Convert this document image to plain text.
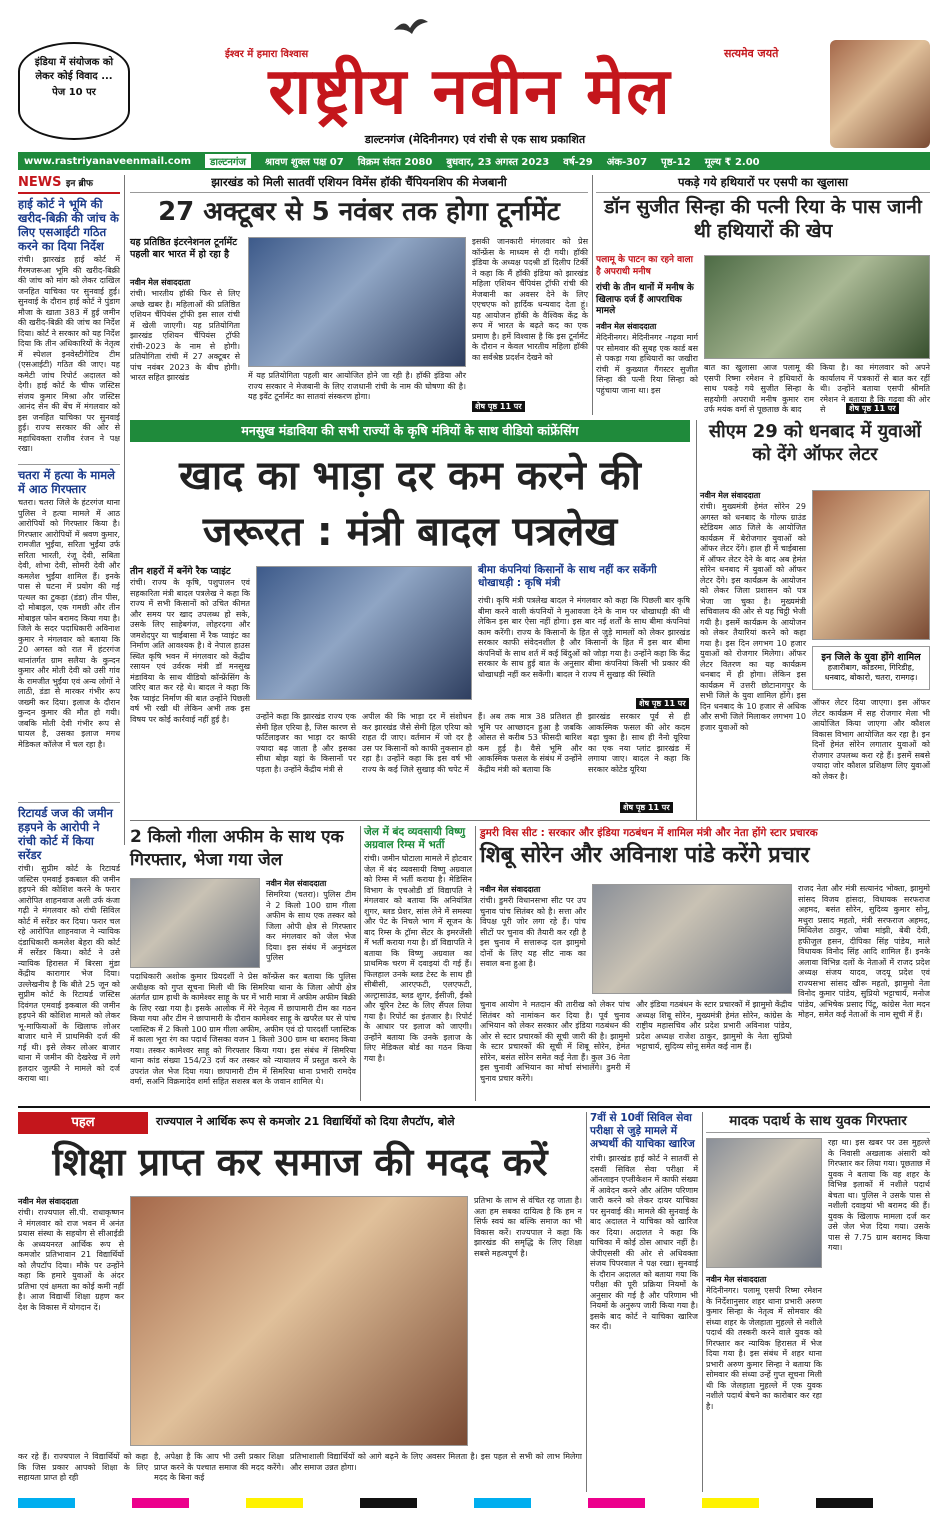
इंडिया में संयोजक को लेकर कोई विवाद ...
पेज 10 पर
ईश्वर में हमारा विश्वास	सत्यमेव जयते
राष्ट्रीय नवीन मेल
डाल्टनगंज (मेदिनीनगर) एवं रांची से एक साथ प्रकाशित
www.rastriyanaveenmail.com	डाल्टनगंज	श्रावण शुक्ल पक्ष 07 विक्रम संवत 2080 बुधवार, 23 अगस्त 2023 वर्ष-29 अंक-307 पृष्ठ-12 मूल्य ₹ 2.00
NEWS इन ब्रीफ
हाई कोर्ट ने भूमि की खरीद-बिक्री की जांच के लिए एसआईटी गठित करने का दिया निर्देश
रांची। झारखंड हाई कोर्ट में गैरमजरूआ भूमि की खरीद-बिक्री की जांच को मांग को लेकर दाखिल जनहित याचिका पर सुनवाई हुई। सुनवाई के दौरान हाई कोर्ट ने पुंडाग मौजा के खाता 383 में हुई जमीन की खरीद-बिक्री की जांच का निर्देश दिया। कोर्ट ने सरकार को यह निर्देश दिया कि तीन अधिकारियों के नेतृत्व में स्पेशल इनवेस्टीगेटिव टीम (एसआईटी) गठित की जाए। यह कमेटी जांच रिपोर्ट अदालत को देगी। हाई कोर्ट के चीफ जस्टिस संजय कुमार मिश्रा और जस्टिस आनंद सेन की बेंच में मंगलवार को इस जनहित याचिका पर सुनवाई हुई। राज्य सरकार की ओर से महाधिवक्ता राजीव रंजन ने पक्ष रखा।
चतरा में हत्या के मामले में आठ गिरफ्तार
चतरा। चतरा जिले के हंटरगंज थाना पुलिस ने हत्या मामले में आठ आरोपियों को गिरफ्तार किया है। गिरफ्तार आरोपियों में श्रवण कुमार, रामजीत भुईंया, सरिता भुईंया उर्फ सरिता भारती, रंजू देवी, सबिता देवी, शोभा देवी, सोमरी देवी और कमलेश भुईंया शामिल हैं। इनके पास से घटना में प्रयोग की गई पत्थल का टुकड़ा (डंडा) तीन पीस, दो मोबाइल, एक गमछी और तीन मोबाइल फोन बरामद किया गया है। जिले के सदर पदाधिकारी अविनाश कुमार ने मंगलवार को बताया कि 20 अगस्त को रात में हंटरगंज थानांतर्गत ग्राम सलैया के कुन्दन कुमार और मोती देवी को उसी गांव के रामजीत भुईंया एवं अन्य लोगों ने लाठी, डंडा से मारकर गंभीर रूप जख्मी कर दिया। इलाज के दौरान कुन्दन कुमार की मौत हो गयी। जबकि मोती देवी गंभीर रूप से घायल है, उसका इलाज मगध मेडिकल कॉलेज में चल रहा है।
रिटायर्ड जज की जमीन हड़पने के आरोपी ने रांची कोर्ट में किया सरेंडर
रांची। सुप्रीम कोर्ट के रिटायर्ड जस्टिस एमवाई इकबाल की जमीन हड़पने की कोशिश करने के फरार आरोपित शाहनवाज अली उर्फ कंजा गढ़ी ने मंगलवार को रांची सिविल कोर्ट में सरेंडर कर दिया। फरार चल रहे आरोपित शाहनवाज ने न्यायिक दंडाधिकारी कमलेश बेहरा की कोर्ट में सरेंडर किया। कोर्ट ने उसे न्यायिक हिरासत में बिरसा मुंडा केंद्रीय कारागार भेज दिया। उल्लेखनीय है कि बीते 25 जून को सुप्रीम कोर्ट के रिटायर्ड जस्टिस दिवंगत एमवाई इकबाल की जमीन हड़पने की कोशिश मामले को लेकर भू-माफियाओं के खिलाफ लोअर बाजार थाने में प्राथमिकी दर्ज की गई थी। इसे लेकर लोअर बाजार थाना में जमीन की देखरेख में लगे हलदार जुल्फी ने मामले को दर्ज कराया था।
झारखंड को मिली सातवीं एशियन विमेंस हॉकी चैंपियनशिप की मेजबानी
27 अक्टूबर से 5 नवंबर तक होगा टूर्नामेंट
यह प्रतिष्ठित इंटरनेशनल टूर्नामेंट पहली बार भारत में हो रहा है
नवीन मेल संवाददाता
रांची। भारतीय हॉकी फिर से लिए अच्छे खबर है। महिलाओं की प्रतिष्ठित एशियन चैंपियंस ट्रॉफी इस साल रांची में खेली जाएगी। यह प्रतियोगिता झारखंड एशियन चैंपियंस ट्रॉफी रांची-2023 के नाम से होगी। प्रतियोगिता रांची में 27 अक्टूबर से पांच नवंबर 2023 के बीच होगी। भारत सहित झारखंड	में यह प्रतियोगिता पहली बार आयोजित होने जा रही है। हॉकी इंडिया और राज्य सरकार ने मेजबानी के लिए राजधानी रांची के नाम की घोषणा की है। यह इवेंट टूर्नामेंट का सातवां संस्करण होगा।
इसकी जानकारी मंगलवार को प्रेस कॉन्फ्रेंस के माध्यम से दी गयी। हॉकी इंडिया के अध्यक्ष पदश्री डॉ दिलीप टिर्की ने कहा कि मैं हॉकी इंडिया को झारखंड महिला एशियन चैंपियंस ट्रॉफी रांची की मेजबानी का अवसर देने के लिए एएचएफ को हार्दिक धन्यवाद देता हूं। यह आयोजन हॉकी के वैश्विक केंद्र के रूप में भारत के बढ़ते कद का एक प्रमाण है। हमें विश्वास है कि इस टूर्नामेंट के दौरान न केवल भारतीय महिला हॉकी का सर्वश्रेष्ठ प्रदर्शन देखने को
शेष पृष्ठ 11 पर
पकड़े गये हथियारों पर एसपी का खुलासा
डॉन सुजीत सिन्हा की पत्नी रिया के पास जानी थी हथियारों की खेप
पलामू के पाटन का रहने वाला है अपराधी मनीष
रांची के तीन थानों में मनीष के खिलाफ दर्ज हैं आपराधिक मामले
नवीन मेल संवाददाता
मेदिनीनगर। मेदिनीनगर -गढ़वा मार्ग पर सोमवार की सुबह एक कार्ड बस से पकड़ा गया हथियारों का जखीरा रांची में कुख्यात गैंगस्टर सुजीत सिन्हा की पत्नी रिया सिन्हा को पहुंचाया जाना था। इस
बात का खुलासा आज पलामू की एसपी रिष्मा रमेशन ने हथियारों के साथ पकड़े गये सुजीत सिन्हा के सहयोगी अपराधी मनीष कुमार राम उर्फ मयंक वर्मा से पूछताछ के बाद
किया है। का मंगलवार को अपने कार्यालय में पत्रकारों से बात कर रहीं थी। उन्होंने बताया एसपी श्रीमति रमेशन ने बताया है कि गढ़वा की ओर से	शेष पृष्ठ 11 पर
मनसुख मंडाविया की सभी राज्यों के कृषि मंत्रियों के साथ वीडियो कांफ्रेंसिंग
खाद का भाड़ा दर कम करने की जरूरत : मंत्री बादल पत्रलेख
तीन शहरों में बनेंगे रैक प्वाइंट
रांची। राज्य के कृषि, पशुपालन एवं सहकारिता मंत्री बादल पत्रलेख ने कहा कि राज्य में सभी किसानों को उचित कीमत और समय पर खाद उपलब्ध हो सके, उसके लिए साहेबगंज, लोहरदगा और जमशेदपुर या चाईबासा में रैक प्वाइंट का निर्माण अति आवश्यक है। वे नेपाल हाउस स्थित कृषि भवन में मंगलवार को केंद्रीय रसायन एवं उर्वरक मंत्री डॉ मनसुख मंडाविया के साथ वीडियो कॉन्फ्रेंसिंग के जरिए बात कर रहे थे। बादल ने कहा कि रैक प्वाइंट निर्माण की बात उन्होंने पिछली वर्ष भी रखी थी लेकिन अभी तक इस विषय पर कोई कार्रवाई नहीं हुई है।	उन्होंने कहा कि झारखंड राज्य एक सेमी हिल एरिया है, जिस कारण से फर्टिलाइजर का भाड़ा दर काफी ज्यादा बढ़ जाता है और इसका सीधा बोझ यहां के किसानों पर पड़ता है। उन्होंने केंद्रीय मंत्री से
अपील की कि भाड़ा दर में संशोधन कर झारखंड जैसे सेमी हिल एरिया को राहत दी जाए। वर्तमान में जो दर है उस पर किसानों को काफी नुकसान हो रहा है। उन्होंने कहा कि इस वर्ष भी राज्य के कई जिले सुखाड़ की चपेट में
बीमा कंपनियां किसानों के साथ नहीं कर सकेंगी धोखाधड़ी : कृषि मंत्री
रांची। कृषि मंत्री पत्रलेख बादल ने मंगलवार को कहा कि पिछली बार कृषि बीमा करने वाली कंपनियों ने मुआवजा देने के नाम पर धोखाधड़ी की थी लेकिन इस बार ऐसा नहीं होगा। इस बार नई शर्तों के साथ बीमा कंपनियां काम करेंगी। राज्य के किसानों के हित से जुड़े मामलों को लेकर झारखंड सरकार काफी संवेदनशील है और किसानों के हित में इस बार बीमा कंपनियों के साथ शर्त में कई बिंदुओं को जोड़ा गया है। उन्होंने कहा कि केंद्र सरकार के साथ हुई बात के अनुसार बीमा कंपनियां किसी भी प्रकार की धोखाधड़ी नहीं कर सकेंगी। बादल ने राज्य में सुखाड़ की स्थिति
शेष पृष्ठ 11 पर
हैं। अब तक मात्र 38 प्रतिशत ही भूमि पर आच्छादन हुआ है जबकि ओसत से करीब 53 फीसदी बारिश कम हुई है। वैसे भूमि और आकस्मिक फसल के संबंध में उन्होंने केंद्रीय मंत्री को बताया कि
झारखंड सरकार पूर्व से ही आकस्मिक फसल की ओर कदम बढ़ा चुका है। साथ ही नैनो यूरिया का एक नया प्लांट झारखंड में लगाया जाए। बादल ने कहा कि सरकार कोटेड यूरिया
शेष पृष्ठ 11 पर
सीएम 29 को धनबाद में युवाओं को देंगे ऑफर लेटर
नवीन मेल संवाददाता
रांची। मुख्यमंत्री हेमंत सोरेन 29 अगस्त को धनबाद के गोल्फ ग्राउंड स्टेडियम आठ जिले के आयोजित कार्यक्रम में बेरोजगार युवाओं को ऑफर लेटर देंगे। हाल ही में चाईबासा में ऑफर लेटर देने के बाद अब हेमंत सोरेन धनबाद में युवाओं को ऑफर लेटर देंगे। इस कार्यक्रम के आयोजन को लेकर जिला प्रशासन को पत्र भेजा जा चुका है। मुख्यमंत्री सचिवालय की ओर से यह चिट्ठी भेजी गयी है। इसमें कार्यक्रम के आयोजन को लेकर तैयारियां करने को कहा गया है। इस दिन लगभग 10 हजार युवाओं को रोजगार मिलेगा। ऑफर लेटर वितरण का यह कार्यक्रम धनबाद में ही होगा। लेकिन इस कार्यक्रम में उत्तरी छोटानागपुर के सभी जिले के युवा शामिल होंगे। इस दिन धनबाद के 10 हजार से अधिक और सभी जिले मिलाकर लगभग 10 हजार युवाओं को
इन जिले के युवा होंगे शामिल
हजारीबाग, कोडरमा, गिरिडीह, धनबाद, बोकारो, चतरा, रामगढ़।
ऑफर लेटर दिया जाएगा। इस ऑफर लेटर कार्यक्रम में सह रोजगार मेला भी आयोजित किया जाएगा और कौशल विकास विभाग आयोजित कर रहा है। इन दिनों हेमंत सोरेन लगातार युवाओं को रोजगार उपलब्ध करा रहे हैं। इसमें सबसे ज्यादा जोर कौशल प्रशिक्षण लिए युवाओं को लेकर है।
2 किलो गीला अफीम के साथ एक गिरफ्तार, भेजा गया जेल
नवीन मेल संवाददाता
सिमरिया (चतरा)। पुलिस टीम ने 2 किलो 100 ग्राम गीला अफीम के साथ एक तस्कर को जिला ओपी क्षेत्र से गिरफ्तार कर मंगलवार को जेल भेज दिया। इस संबंध में अनुमंडल पुलिस
पदाधिकारी अशोक कुमार प्रियदर्शी ने प्रेस कॉन्फ्रेंस कर बताया कि पुलिस अधीक्षक को गुप्त सूचना मिली थी कि सिमरिया थाना के जिला ओपी क्षेत्र अंतर्गत ग्राम हाथी के कामेश्वर साहू के घर में भारी मात्रा में अफीम अफीम बिक्री के लिए रखा गया है। इसके आलोक में मेरे नेतृत्व में छापामारी टीम का गठन किया गया और टीम ने छापामारी के दौरान कामेश्वर साहू के खपरैल घर से पांच प्लास्टिक में 2 किलो 100 ग्राम गीला अफीम, अफीम एवं दो पारदर्शी प्लास्टिक में काला भूरा रंग का पदार्थ जिसका वजन 1 किलो 300 ग्राम था बरामद किया गया। तस्कर कामेश्वर साहू को गिरफ्तार किया गया। इस संबंध में सिमरिया थाना कांड संख्या 154/23 दर्ज कर तस्कर को न्यायालय में प्रस्तुत करने के उपरांत जेल भेज दिया गया। छापामारी टीम में सिमरिया थाना प्रभारी रामदेव वर्मा, सअनि विक्रमादेव शर्मा सहित सशस्त्र बल के जवान शामिल थे।
जेल में बंद व्यवसायी विष्णु अग्रवाल रिम्स में भर्ती
रांची। जमीन घोटाला मामले में होटवार जेल में बंद व्यवसायी विष्णु अग्रवाल को रिम्स में भर्ती कराया है। मेडिसिन विभाग के एचओडी डॉ विद्यापति ने मंगलवार को बताया कि अनियंत्रित शुगर, ब्लड प्रेशर, सांस लेने में समस्या और पेट के निचले भाग में सूजन के बाद रिम्स के ट्रॉमा सेंटर के इमरजेंसी में भर्ती कराया गया है। डॉ विद्यापति ने बताया कि विष्णु अग्रवाल का प्राथमिक चरण में दवाइयां दी गई हैं। फिलहाल उनके ब्लड टेस्ट के साथ ही सीबीसी, आरएफटी, एलएफटी, अल्ट्रासाउंड, ब्लड शुगर, ईसीजी, ईको और यूरिन टेस्ट के लिए सैंपल लिया गया है। रिपोर्ट का इंतजार है। रिपोर्ट के आधार पर इलाज को जाएगी। उन्होंने बताया कि उनके इलाज के लिए मेडिकल बोर्ड का गठन किया गया है।
डुमरी विस सीट : सरकार और इंडिया गठबंधन में शामिल मंत्री और नेता होंगे स्टार प्रचारक
शिबू सोरेन और अविनाश पांडे करेंगे प्रचार
नवीन मेल संवाददाता
रांची। डुमरी विधानसभा सीट पर उप चुनाव पांच सितंबर को है। सत्ता और विपक्ष पूरी जोर लगा रहे हैं। पांच सीटों पर चुनाव की तैयारी कर रही है इस चुनाव में सत्तारूढ़ दल झामुमो दोनों के लिए यह सीट नाक का सवाल बना हुआ है।
चुनाव आयोग ने मतदान की तारीख को लेकर पांच सितंबर को नामांकन कर दिया है। पूर्व चुनाव अभियान को लेकर सरकार और इंडिया गठबंधन की ओर से स्टार प्रचारकों की सूची जारी की है। झामुमो के स्टार प्रचारकों की सूची में शिबू सोरेन, हेमंत सोरेन, बसंत सोरेन समेत कई नेता हैं। कुल 36 नेता इस चुनावी अभियान का मोर्चा संभालेंगे। डुमरी में चुनाव प्रचार करेंगे।
और इंडिया गठबंधन के स्टार प्रचारकों में झामुमो केंद्रीय अध्यक्ष शिबू सोरेन, मुख्यमंत्री हेमंत सोरेन, कांग्रेस के राष्ट्रीय महासचिव और प्रदेश प्रभारी अविनाश पांडेय, प्रदेश अध्यक्ष राजेश ठाकुर, झामुमो के नेता सुप्रियो भट्टाचार्य, सुदिव्य सोनू समेत कई नाम हैं।
राजद नेता और मंत्री सत्यानंद भोक्ता, झामुमो सांसद विजय हांसदा, विधायक सरफराज अहमद, बसंत सोरेन, सुदिव्य कुमार सोनू, मथुरा प्रसाद महतो, मंत्री सरफराज अहमद, मिथिलेश ठाकुर, जोबा मांझी, बेबी देवी, हफीजुल हसन, दीपिका सिंह पांडेय, माले विधायक विनोद सिंह आदि शामिल हैं। इनके अलावा विभिन्न दलों के नेताओं में राजद प्रदेश अध्यक्ष संजय यादव, जदयू प्रदेश एवं राज्यसभा सांसद खीरू महतो, झामुमो नेता विनोद कुमार पांडेय, सुप्रियो भट्टाचार्य, मनोज पांडेय, अभिषेक प्रसाद पिंटू, कांग्रेस नेता मदन मोहन, समेत कई नेताओं के नाम सूची में हैं।
पहल	राज्यपाल ने आर्थिक रूप से कमजोर 21 विद्यार्थियों को दिया लैपटॉप, बोले
शिक्षा प्राप्त कर समाज की मदद करें
नवीन मेल संवाददाता
रांची। राज्यपाल सी.पी. राधाकृष्णन ने मंगलवार को राज भवन में अनंत प्रयास संस्था के सहयोग से सीआईडी के अध्ययनरत आर्थिक रूप से कमजोर प्रतिभावान 21 विद्यार्थियों को लैपटॉप दिया। मौके पर उन्होंने कहा कि हमारे युवाओं के अंदर प्रतिभा एवं क्षमता का कोई कमी नहीं है। आज विद्यार्थी शिक्षा ग्रहण कर देश के विकास में योगदान दें।
प्रतिभा के लाभ से वंचित रह जाता है। अतः हम सबका दायित्व है कि हम न सिर्फ स्वयं का बल्कि समाज का भी विकास करें। राज्यपाल ने कहा कि झारखंड की समृद्धि के लिए शिक्षा सबसे महत्वपूर्ण है।
कर रहे हैं। राज्यपाल ने विद्यार्थियों को कहा कि जिस प्रकार आपको शिक्षा के लिए सहायता प्राप्त हो रही
है, अपेक्षा है कि आप भी उसी प्रकार शिक्षा प्राप्त करने के पश्चात समाज की मदद करेंगे। मदद के बिना कई
प्रतिभाशाली विद्यार्थियों को आगे बढ़ने के लिए अवसर मिलता है। इस पहल से सभी को लाभ मिलेगा और समाज उन्नत होगा।
7वीं से 10वीं सिविल सेवा परीक्षा से जुड़े मामले में अभ्यर्थी की याचिका खारिज
रांची। झारखंड हाई कोर्ट ने सातवीं से दसवीं सिविल सेवा परीक्षा में ऑनलाइन एप्लीकेशन में काफी संख्या में आवेदन करने और अंतिम परिणाम जारी करने को लेकर दायर याचिका पर सुनवाई की। मामले की सुनवाई के बाद अदालत ने याचिका को खारिज कर दिया। अदालत ने कहा कि याचिका में कोई ठोस आधार नहीं है। जेपीएससी की ओर से अधिवक्ता संजय पिपरवाल ने पक्ष रखा। सुनवाई के दौरान अदालत को बताया गया कि परीक्षा की पूरी प्रक्रिया नियमों के अनुसार की गई है और परिणाम भी नियमों के अनुरूप जारी किया गया है। इसके बाद कोर्ट ने याचिका खारिज कर दी।
मादक पदार्थ के साथ युवक गिरफ्तार
नवीन मेल संवाददाता
मेदिनीनगर। पलामू एसपी रिष्मा रमेशन के निर्देशानुसार शहर थाना प्रभारी अरुण कुमार सिन्हा के नेतृत्व में सोमवार की संध्या शहर के जेलहाता मुहल्ले से नशीले पदार्थ की तस्करी करने वाले युवक को गिरफ्तार कर न्यायिक हिरासत में भेज दिया गया है। इस संबंध में शहर थाना प्रभारी अरुण कुमार सिन्हा ने बताया कि सोमवार की संध्या उन्हें गुप्त सूचना मिली थी कि जेलहाता मुहल्ले में एक युवक नशीले पदार्थ बेचने का कारोबार कर रहा है।
रहा था। इस खबर पर उस मुहल्ले के निवासी अखलाक अंसारी को गिरफ्तार कर लिया गया। पूछताछ में युवक ने बताया कि वह शहर के विभिन्न इलाकों में नशीले पदार्थ बेचता था। पुलिस ने उसके पास से नशीली दवाइयां भी बरामद की हैं। युवक के खिलाफ मामला दर्ज कर उसे जेल भेज दिया गया। उसके पास से 7.75 ग्राम बरामद किया गया।
